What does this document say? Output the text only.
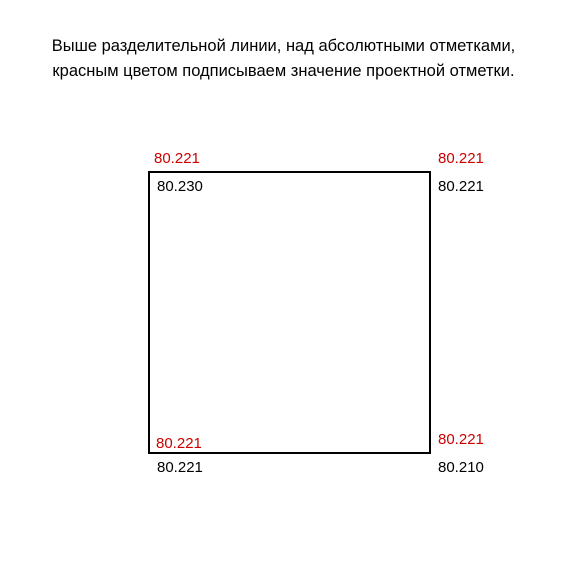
Выше разделительной линии, над абсолютными отметками,
красным цветом подписываем значение проектной отметки.
80.221
80.230
80.221
80.221
80.221
80.221
80.221
80.210
